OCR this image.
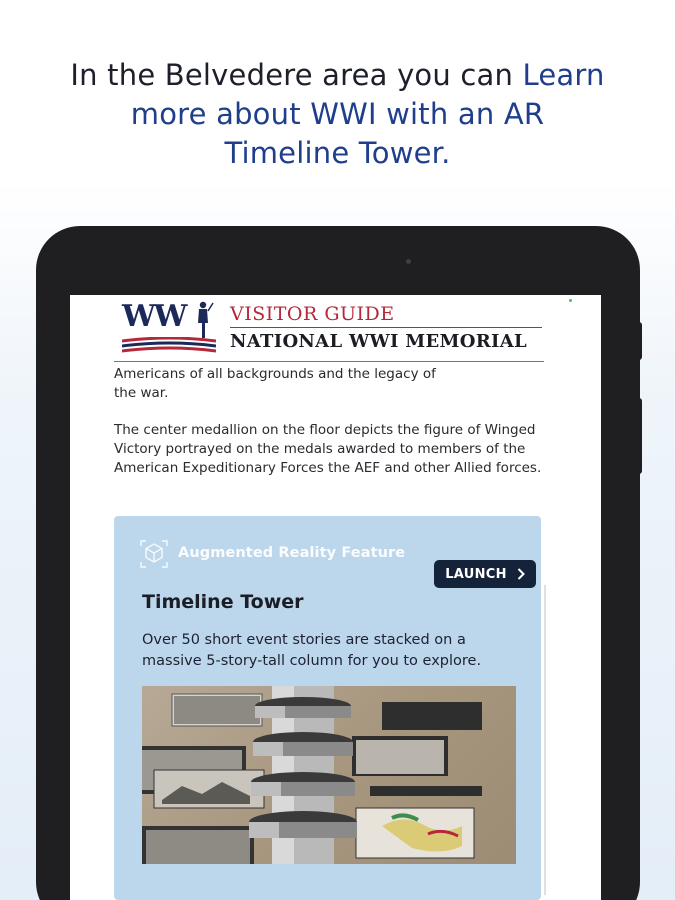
In the Belvedere area you can Learn
more about WWI with an AR
Timeline Tower.
WW VISITOR GUIDE
NATIONAL WWI MEMORIAL
Americans of all backgrounds and the legacy of
the war.
The center medallion on the floor depicts the figure of Winged Victory portrayed on the medals awarded to members of the American Expeditionary Forces the AEF and other Allied forces.
Augmented Reality Feature
LAUNCH
Timeline Tower
Over 50 short event stories are stacked on a massive 5-story-tall column for you to explore.
